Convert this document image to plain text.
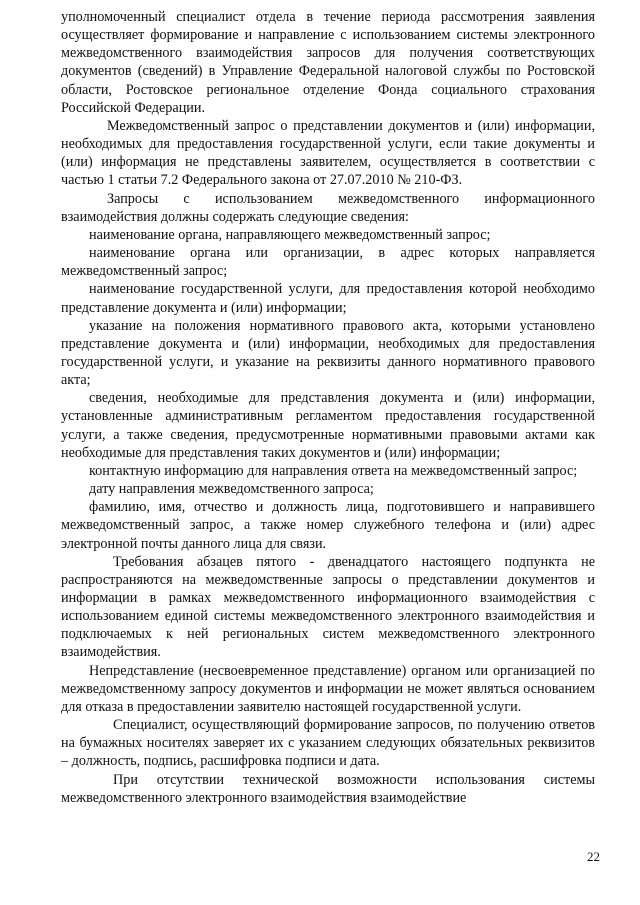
уполномоченный специалист отдела в течение периода рассмотрения заявления осуществляет формирование и направление с использованием системы электронного межведомственного взаимодействия запросов для получения соответствующих документов (сведений) в Управление Федеральной налоговой службы по Ростовской области, Ростовское региональное отделение Фонда социального страхования Российской Федерации.

Межведомственный запрос о представлении документов и (или) информации, необходимых для предоставления государственной услуги, если такие документы и (или) информация не представлены заявителем, осуществляется в соответствии с частью 1 статьи 7.2 Федерального закона от 27.07.2010 № 210-ФЗ.

Запросы с использованием межведомственного информационного взаимодействия должны содержать следующие сведения:

наименование органа, направляющего межведомственный запрос;

наименование органа или организации, в адрес которых направляется межведомственный запрос;

наименование государственной услуги, для предоставления которой необходимо представление документа и (или) информации;

указание на положения нормативного правового акта, которыми установлено представление документа и (или) информации, необходимых для предоставления государственной услуги, и указание на реквизиты данного нормативного правового акта;

сведения, необходимые для представления документа и (или) информации, установленные административным регламентом предоставления государственной услуги, а также сведения, предусмотренные нормативными правовыми актами как необходимые для представления таких документов и (или) информации;

контактную информацию для направления ответа на межведомственный запрос;

дату направления межведомственного запроса;

фамилию, имя, отчество и должность лица, подготовившего и направившего межведомственный запрос, а также номер служебного телефона и (или) адрес электронной почты данного лица для связи.

Требования абзацев пятого - двенадцатого настоящего подпункта не распространяются на межведомственные запросы о представлении документов и информации в рамках межведомственного информационного взаимодействия с использованием единой системы межведомственного электронного взаимодействия и подключаемых к ней региональных систем межведомственного электронного взаимодействия.

Непредставление (несвоевременное представление) органом или организацией по межведомственному запросу документов и информации не может являться основанием для отказа в предоставлении заявителю настоящей государственной услуги.

Специалист, осуществляющий формирование запросов, по получению ответов на бумажных носителях заверяет их с указанием следующих обязательных реквизитов – должность, подпись, расшифровка подписи и дата.

При отсутствии технической возможности использования системы межведомственного электронного взаимодействия взаимодействие

22
